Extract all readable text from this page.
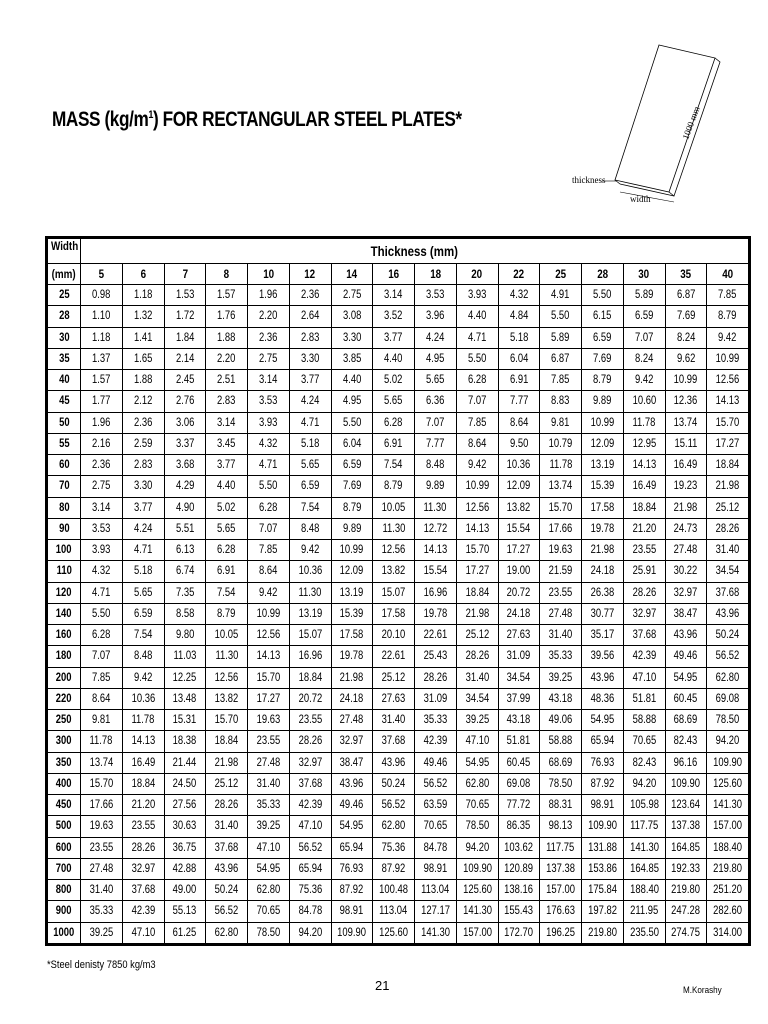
MASS $(kg/m^1)$ FOR RECTANGULAR STEEL PLATES*	1000 mm
thickness
width
Width	Thickness (mm)															
(mm)	5	6	7	8	10	12	14	16	18	20	22	25	28	30	35	40
25	0.98	1.18	1.53	1.57	1.96	2.36	2.75	3.14	3.53	3.93	4.32	4.91	5.50	5.89	6.87	7.85
28	1.10	1.32	1.72	1.76	2.20	2.64	3.08	3.52	3.96	4.40	4.84	5.50	6.15	6.59	7.69	8.79
30	1.18	1.41	1.84	1.88	2.36	2.83	3.30	3.77	4.24	4.71	5.18	5.89	6.59	7.07	8.24	9.42
35	1.37	1.65	2.14	2.20	2.75	3.30	3.85	4.40	4.95	5.50	6.04	6.87	7.69	8.24	9.62	10.99
40	1.57	1.88	2.45	2.51	3.14	3.77	4.40	5.02	5.65	6.28	6.91	7.85	8.79	9.42	10.99	12.56
45	1.77	2.12	2.76	2.83	3.53	4.24	4.95	5.65	6.36	7.07	7.77	8.83	9.89	10.60	12.36	14.13
50	1.96	2.36	3.06	3.14	3.93	4.71	5.50	6.28	7.07	7.85	8.64	9.81	10.99	11.78	13.74	15.70
55	2.16	2.59	3.37	3.45	4.32	5.18	6.04	6.91	7.77	8.64	9.50	10.79	12.09	12.95	15.11	17.27
60	2.36	2.83	3.68	3.77	4.71	5.65	6.59	7.54	8.48	9.42	10.36	11.78	13.19	14.13	16.49	18.84
70	2.75	3.30	4.29	4.40	5.50	6.59	7.69	8.79	9.89	10.99	12.09	13.74	15.39	16.49	19.23	21.98
80	3.14	3.77	4.90	5.02	6.28	7.54	8.79	10.05	11.30	12.56	13.82	15.70	17.58	18.84	21.98	25.12
90	3.53	4.24	5.51	5.65	7.07	8.48	9.89	11.30	12.72	14.13	15.54	17.66	19.78	21.20	24.73	28.26
100	3.93	4.71	6.13	6.28	7.85	9.42	10.99	12.56	14.13	15.70	17.27	19.63	21.98	23.55	27.48	31.40
110	4.32	5.18	6.74	6.91	8.64	10.36	12.09	13.82	15.54	17.27	19.00	21.59	24.18	25.91	30.22	34.54
120	4.71	5.65	7.35	7.54	9.42	11.30	13.19	15.07	16.96	18.84	20.72	23.55	26.38	28.26	32.97	37.68
140	5.50	6.59	8.58	8.79	10.99	13.19	15.39	17.58	19.78	21.98	24.18	27.48	30.77	32.97	38.47	43.96
160	6.28	7.54	9.80	10.05	12.56	15.07	17.58	20.10	22.61	25.12	27.63	31.40	35.17	37.68	43.96	50.24
180	7.07	8.48	11.03	11.30	14.13	16.96	19.78	22.61	25.43	28.26	31.09	35.33	39.56	42.39	49.46	56.52
200	7.85	9.42	12.25	12.56	15.70	18.84	21.98	25.12	28.26	31.40	34.54	39.25	43.96	47.10	54.95	62.80
220	8.64	10.36	13.48	13.82	17.27	20.72	24.18	27.63	31.09	34.54	37.99	43.18	48.36	51.81	60.45	69.08
250	9.81	11.78	15.31	15.70	19.63	23.55	27.48	31.40	35.33	39.25	43.18	49.06	54.95	58.88	68.69	78.50
300	11.78	14.13	18.38	18.84	23.55	28.26	32.97	37.68	42.39	47.10	51.81	58.88	65.94	70.65	82.43	94.20
350	13.74	16.49	21.44	21.98	27.48	32.97	38.47	43.96	49.46	54.95	60.45	68.69	76.93	82.43	96.16	109.90
400	15.70	18.84	24.50	25.12	31.40	37.68	43.96	50.24	56.52	62.80	69.08	78.50	87.92	94.20	109.90	125.60
450	17.66	21.20	27.56	28.26	35.33	42.39	49.46	56.52	63.59	70.65	77.72	88.31	98.91	105.98	123.64	141.30
500	19.63	23.55	30.63	31.40	39.25	47.10	54.95	62.80	70.65	78.50	86.35	98.13	109.90	117.75	137.38	157.00
600	23.55	28.26	36.75	37.68	47.10	56.52	65.94	75.36	84.78	94.20	103.62	117.75	131.88	141.30	164.85	188.40
700	27.48	32.97	42.88	43.96	54.95	65.94	76.93	87.92	98.91	109.90	120.89	137.38	153.86	164.85	192.33	219.80
800	31.40	37.68	49.00	50.24	62.80	75.36	87.92	100.48	113.04	125.60	138.16	157.00	175.84	188.40	219.80	251.20
900	35.33	42.39	55.13	56.52	70.65	84.78	98.91	113.04	127.17	141.30	155.43	176.63	197.82	211.95	247.28	282.60
1000	39.25	47.10	61.25	62.80	78.50	94.20	109.90	125.60	141.30	157.00	172.70	196.25	219.80	235.50	274.75	314.00
*Steel denisty 7850 kg/m3
21	M.Korashy
